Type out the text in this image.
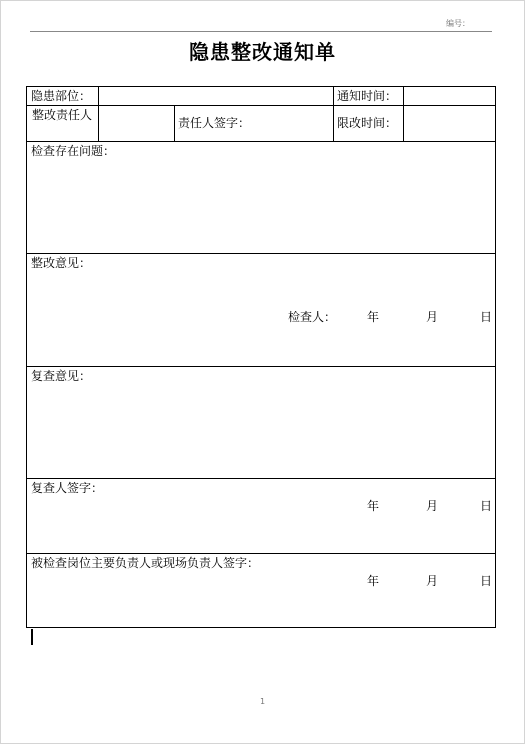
编号：
隐患整改通知单
隐患部位：	通知时间：
整改责任人
责任人签字：	限改时间：
检查存在问题：
整改意见：
检查人：	年	月	日
复查意见：
复查人签字：
年	月	日
被检查岗位主要负责人或现场负责人签字：
年	月	日
1
